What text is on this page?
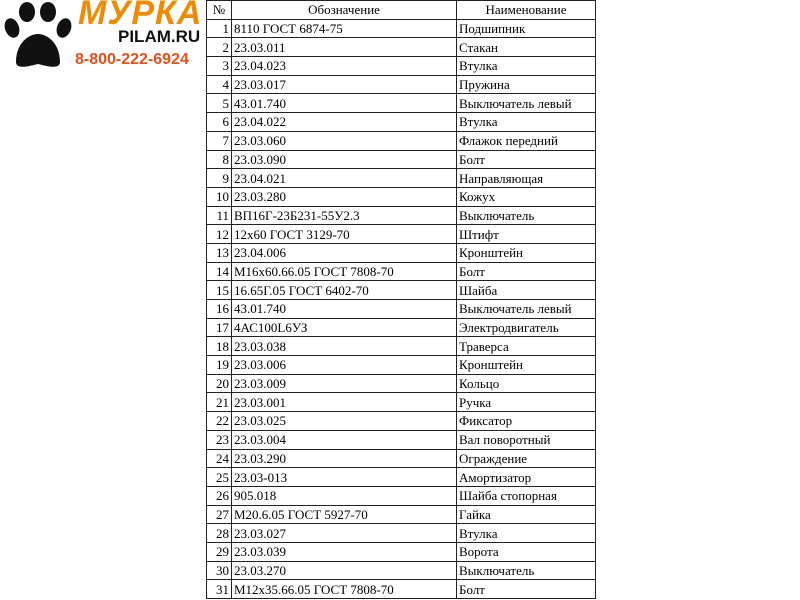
МУРКА
PILAM.RU
8-800-222-6924
№	Обозначение	Наименование
1	8110 ГОСТ 6874-75	Подшипник
2	23.03.011	Стакан
3	23.04.023	Втулка
4	23.03.017	Пружина
5	43.01.740	Выключатель левый
6	23.04.022	Втулка
7	23.03.060	Флажок передний
8	23.03.090	Болт
9	23.04.021	Направляющая
10	23.03.280	Кожух
11	ВП16Г-23Б231-55У2.3	Выключатель
12	12х60 ГОСТ 3129-70	Штифт
13	23.04.006	Кронштейн
14	М16х60.66.05 ГОСТ 7808-70	Болт
15	16.65Г.05 ГОСТ 6402-70	Шайба
16	43.01.740	Выключатель левый
17	4АС100L6УЗ	Электродвигатель
18	23.03.038	Траверса
19	23.03.006	Кронштейн
20	23.03.009	Кольцо
21	23.03.001	Ручка
22	23.03.025	Фиксатор
23	23.03.004	Вал поворотный
24	23.03.290	Ограждение
25	23.03-013	Амортизатор
26	905.018	Шайба стопорная
27	М20.6.05 ГОСТ 5927-70	Гайка
28	23.03.027	Втулка
29	23.03.039	Ворота
30	23.03.270	Выключатель
31	М12х35.66.05 ГОСТ 7808-70	Болт
